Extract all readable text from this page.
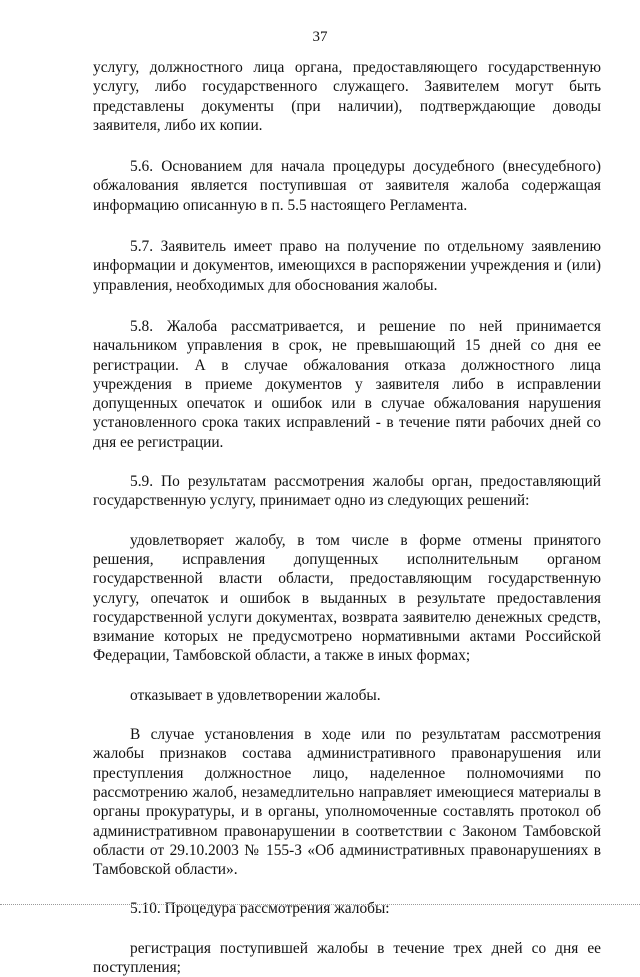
37

услугу, должностного лица органа, предоставляющего государственную услугу, либо государственного служащего. Заявителем могут быть представлены документы (при наличии), подтверждающие доводы заявителя, либо их копии.

5.6. Основанием для начала процедуры досудебного (внесудебного) обжалования является поступившая от заявителя жалоба содержащая информацию описанную в п. 5.5 настоящего Регламента.

5.7. Заявитель имеет право на получение по отдельному заявлению информации и документов, имеющихся в распоряжении учреждения и (или) управления, необходимых для обоснования жалобы.

5.8. Жалоба рассматривается, и решение по ней принимается начальником управления в срок, не превышающий 15 дней со дня ее регистрации. А в случае обжалования отказа должностного лица учреждения в приеме документов у заявителя либо в исправлении допущенных опечаток и ошибок или в случае обжалования нарушения установленного срока таких исправлений - в течение пяти рабочих дней со дня ее регистрации.

5.9. По результатам рассмотрения жалобы орган, предоставляющий государственную услугу, принимает одно из следующих решений:

удовлетворяет жалобу, в том числе в форме отмены принятого решения, исправления допущенных исполнительным органом государственной власти области, предоставляющим государственную услугу, опечаток и ошибок в выданных в результате предоставления государственной услуги документах, возврата заявителю денежных средств, взимание которых не предусмотрено нормативными актами Российской Федерации, Тамбовской области, а также в иных формах;

отказывает в удовлетворении жалобы.

В случае установления в ходе или по результатам рассмотрения жалобы признаков состава административного правонарушения или преступления должностное лицо, наделенное полномочиями по рассмотрению жалоб, незамедлительно направляет имеющиеся материалы в органы прокуратуры, и в органы, уполномоченные составлять протокол об административном правонарушении в соответствии с Законом Тамбовской области от 29.10.2003 № 155-З «Об административных правонарушениях в Тамбовской области».

5.10. Процедура рассмотрения жалобы:

регистрация поступившей жалобы в течение трех дней со дня ее поступления;
